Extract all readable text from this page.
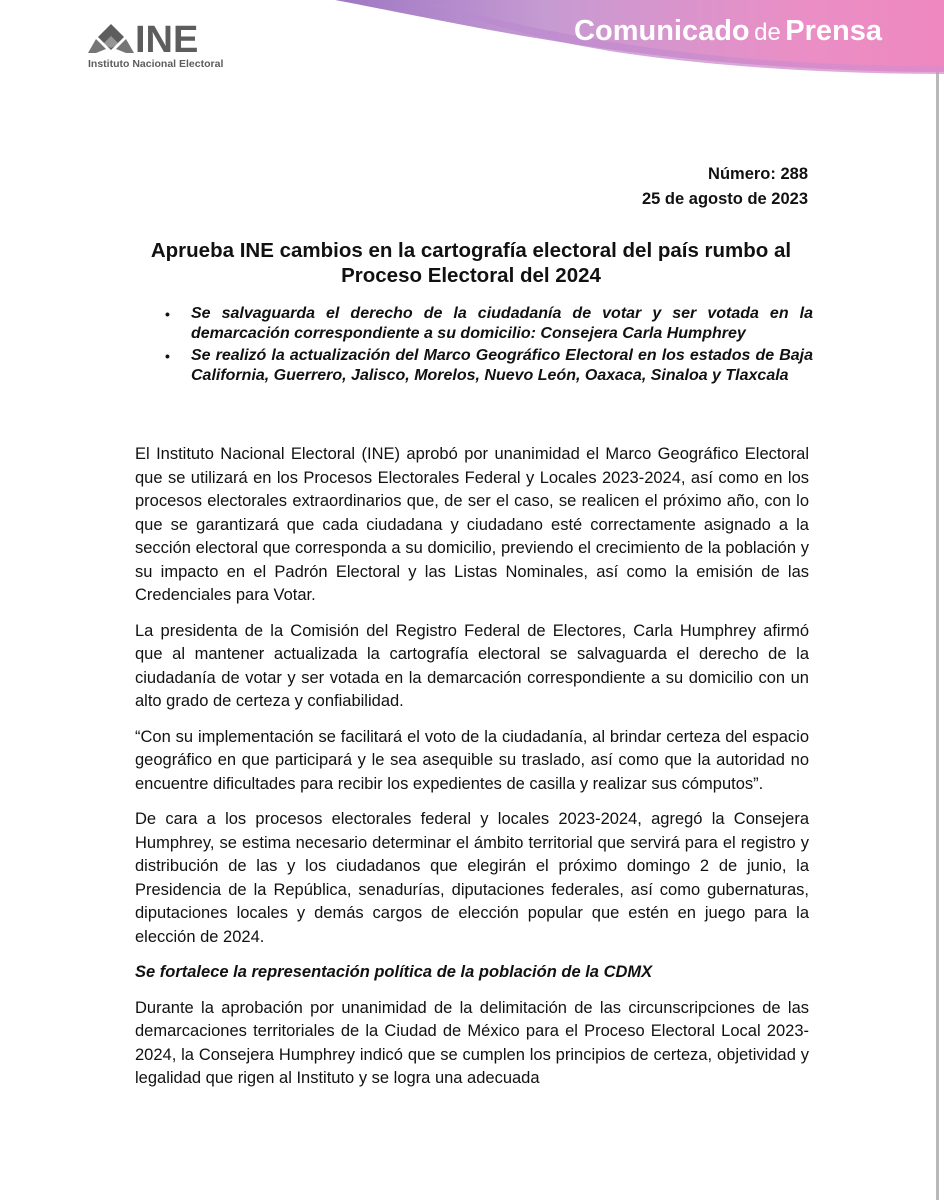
Comunicado de Prensa
INE
Instituto Nacional Electoral
Número: 288
25 de agosto de 2023
Aprueba INE cambios en la cartografía electoral del país rumbo al Proceso Electoral del 2024
• Se salvaguarda el derecho de la ciudadanía de votar y ser votada en la demarcación correspondiente a su domicilio: Consejera Carla Humphrey
• Se realizó la actualización del Marco Geográfico Electoral en los estados de Baja California, Guerrero, Jalisco, Morelos, Nuevo León, Oaxaca, Sinaloa y Tlaxcala

El Instituto Nacional Electoral (INE) aprobó por unanimidad el Marco Geográfico Electoral que se utilizará en los Procesos Electorales Federal y Locales 2023-2024, así como en los procesos electorales extraordinarios que, de ser el caso, se realicen el próximo año, con lo que se garantizará que cada ciudadana y ciudadano esté correctamente asignado a la sección electoral que corresponda a su domicilio, previendo el crecimiento de la población y su impacto en el Padrón Electoral y las Listas Nominales, así como la emisión de las Credenciales para Votar.

La presidenta de la Comisión del Registro Federal de Electores, Carla Humphrey afirmó que al mantener actualizada la cartografía electoral se salvaguarda el derecho de la ciudadanía de votar y ser votada en la demarcación correspondiente a su domicilio con un alto grado de certeza y confiabilidad.

“Con su implementación se facilitará el voto de la ciudadanía, al brindar certeza del espacio geográfico en que participará y le sea asequible su traslado, así como que la autoridad no encuentre dificultades para recibir los expedientes de casilla y realizar sus cómputos”.

De cara a los procesos electorales federal y locales 2023-2024, agregó la Consejera Humphrey, se estima necesario determinar el ámbito territorial que servirá para el registro y distribución de las y los ciudadanos que elegirán el próximo domingo 2 de junio, la Presidencia de la República, senadurías, diputaciones federales, así como gubernaturas, diputaciones locales y demás cargos de elección popular que estén en juego para la elección de 2024.

Se fortalece la representación política de la población de la CDMX

Durante la aprobación por unanimidad de la delimitación de las circunscripciones de las demarcaciones territoriales de la Ciudad de México para el Proceso Electoral Local 2023-2024, la Consejera Humphrey indicó que se cumplen los principios de certeza, objetividad y legalidad que rigen al Instituto y se logra una adecuada
